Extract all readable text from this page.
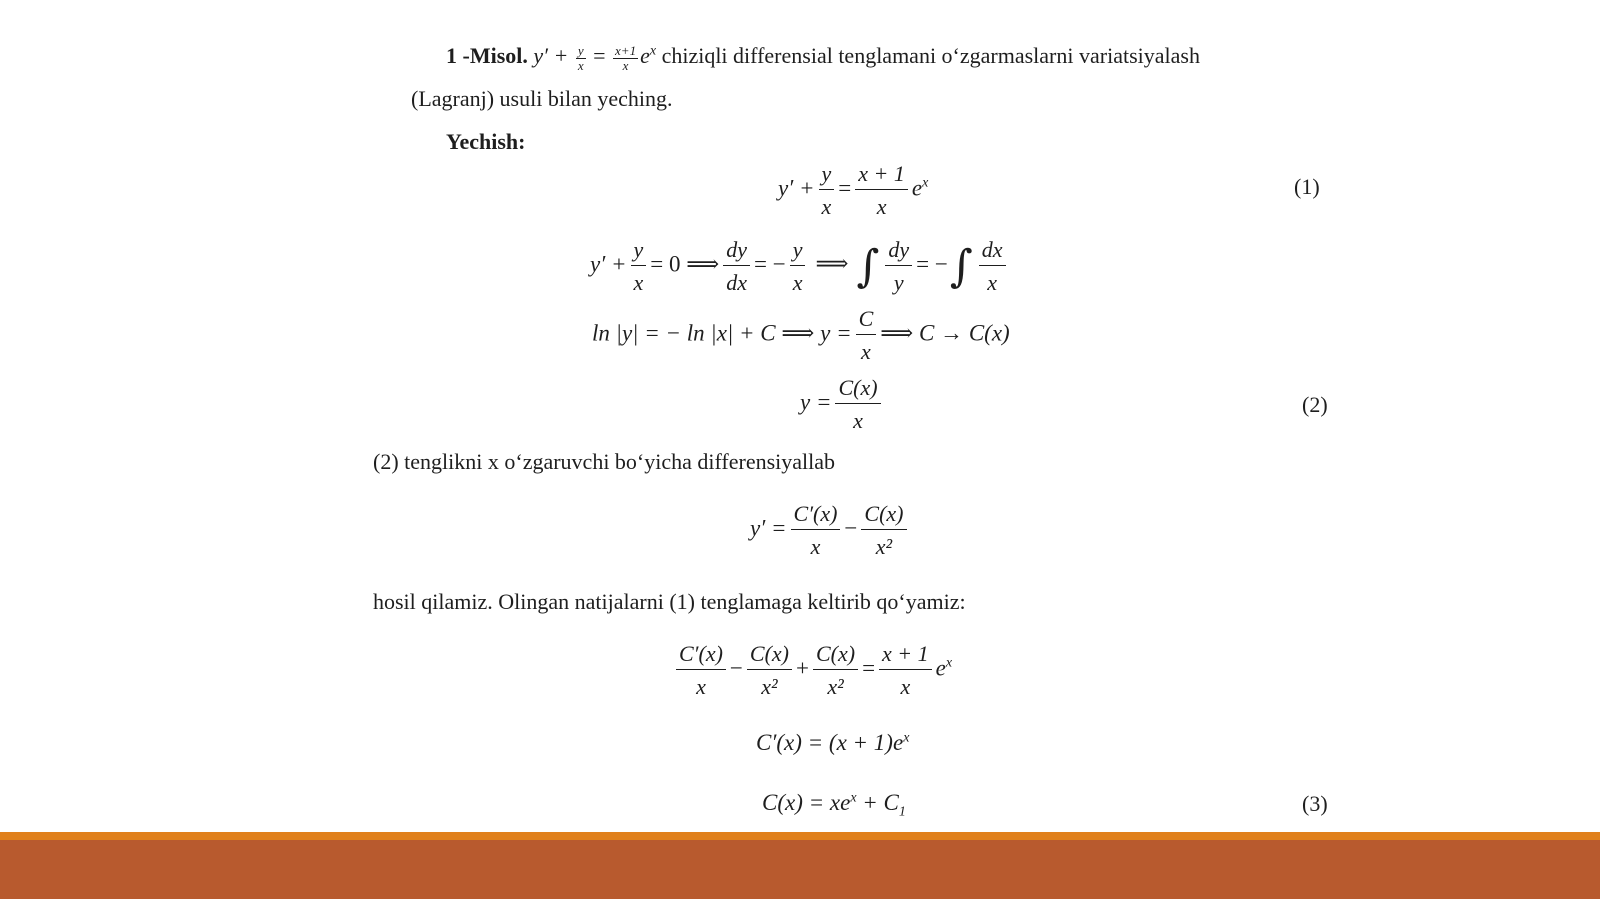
1 -Misol. $y' + \frac{y}{x} = \frac{x+1}{x} e^x$ chiziqli differensial tenglamani o‘zgarmaslarni variatsiyalash
(Lagranj) usuli bilan yeching.
Yechish:
$y' + \frac{y}{x} = \frac{x + 1}{x} e^x$	(1)
$y' + \frac{y}{x} = 0$ ⟹ $\frac{dy}{dx}$ = − $\frac{y}{x}$ ⟹ ∫ $\frac{dy}{y}$ = −∫ $\frac{dx}{x}$
ln |y| = − ln |x| + C ⟹ $y = \frac{C}{x}$ ⟹ C → C(x)
$y = \frac{C(x)}{x}$	(2)
(2) tenglikni x o‘zgaruvchi bo‘yicha differensiyallab
$y' = \frac{C'(x)}{x} - \frac{C(x)}{\text{x²}}$
hosil qilamiz. Olingan natijalarni (1) tenglamaga keltirib qo‘yamiz:
$\frac{C'(x)}{x} - \frac{C(x)}{\text{x²}} + \frac{C(x)}{\text{x²}} = \frac{x + 1}{x} e^x$
$C'(x) = (x + 1)e^x$
$C(x) = xe^x + C_1$	(3)
